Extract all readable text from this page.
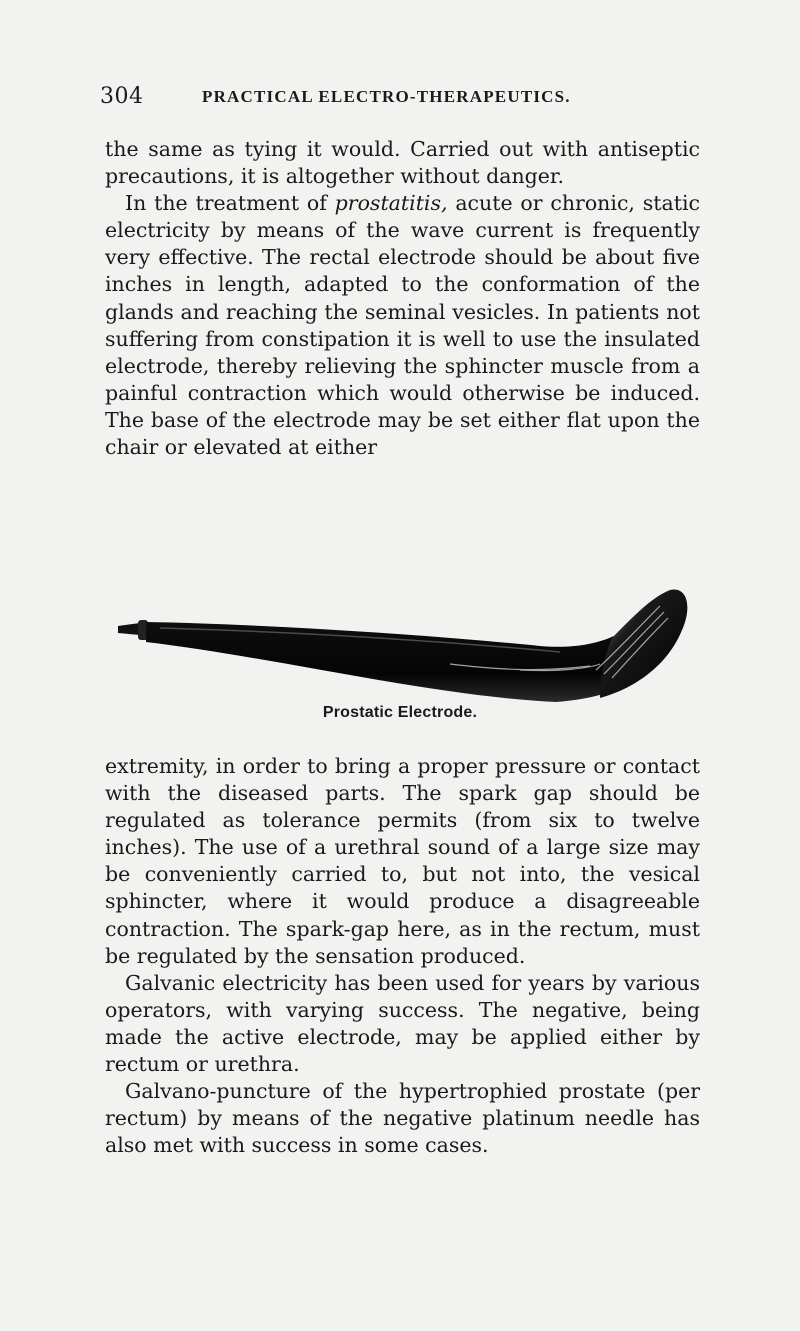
304	PRACTICAL ELECTRO-THERAPEUTICS.

the same as tying it would. Carried out with antiseptic precautions, it is altogether without danger.

In the treatment of prostatitis, acute or chronic, static electricity by means of the wave current is frequently very effective. The rectal electrode should be about five inches in length, adapted to the conformation of the glands and reaching the seminal vesicles. In patients not suffering from constipation it is well to use the insulated electrode, thereby relieving the sphincter muscle from a painful contraction which would otherwise be induced. The base of the electrode may be set either flat upon the chair or elevated at either

Prostatic Electrode.

extremity, in order to bring a proper pressure or contact with the diseased parts. The spark gap should be regulated as tolerance permits (from six to twelve inches). The use of a urethral sound of a large size may be conveniently carried to, but not into, the vesical sphincter, where it would produce a disagreeable contraction. The spark-gap here, as in the rectum, must be regulated by the sensation produced.

Galvanic electricity has been used for years by various operators, with varying success. The negative, being made the active electrode, may be applied either by rectum or urethra.

Galvano-puncture of the hypertrophied prostate (per rectum) by means of the negative platinum needle has also met with success in some cases.
